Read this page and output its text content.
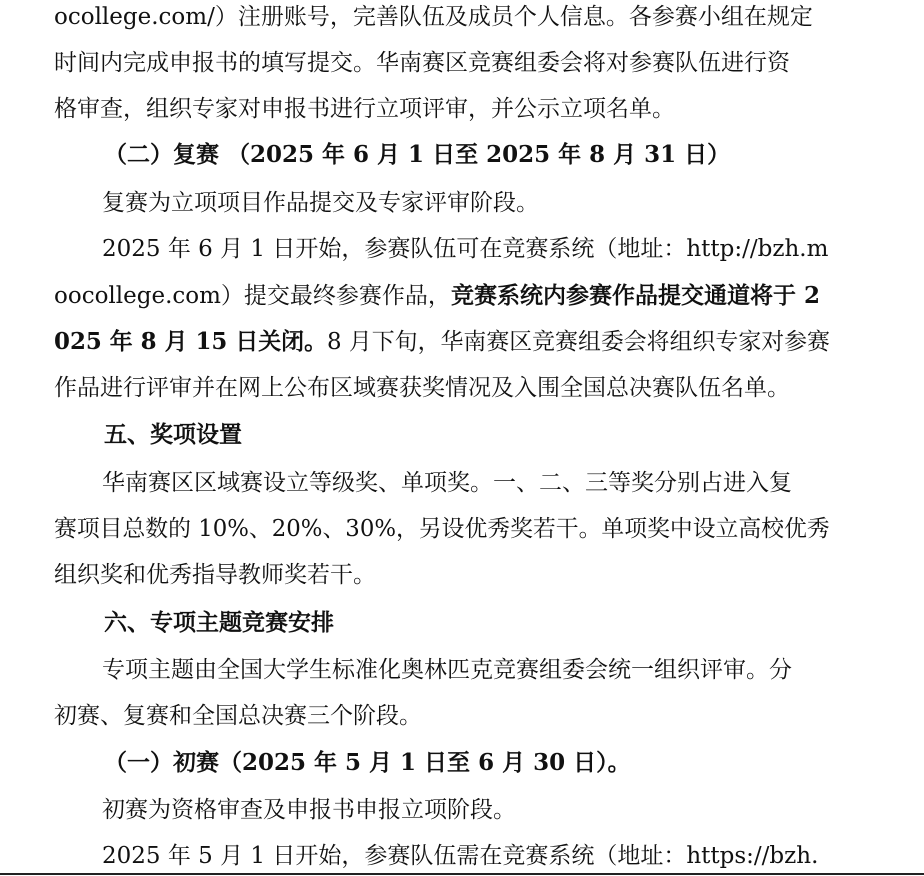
ocollege.com/）注册账号，完善队伍及成员个人信息。各参赛小组在规定
时间内完成申报书的填写提交。华南赛区竞赛组委会将对参赛队伍进行资
格审查，组织专家对申报书进行立项评审，并公示立项名单。
（二）复赛 （2025 年 6 月 1 日至 2025 年 8 月 31 日）
复赛为立项项目作品提交及专家评审阶段。
2025 年 6 月 1 日开始，参赛队伍可在竞赛系统（地址：http://bzh.m
oocollege.com）提交最终参赛作品，竞赛系统内参赛作品提交通道将于 2
025 年 8 月 15 日关闭。8 月下旬，华南赛区竞赛组委会将组织专家对参赛
作品进行评审并在网上公布区域赛获奖情况及入围全国总决赛队伍名单。
五、奖项设置
华南赛区区域赛设立等级奖、单项奖。一、二、三等奖分别占进入复
赛项目总数的 10%、20%、30%，另设优秀奖若干。单项奖中设立高校优秀
组织奖和优秀指导教师奖若干。
六、专项主题竞赛安排
专项主题由全国大学生标准化奥林匹克竞赛组委会统一组织评审。分
初赛、复赛和全国总决赛三个阶段。
（一）初赛（2025 年 5 月 1 日至 6 月 30 日）。
初赛为资格审查及申报书申报立项阶段。
2025 年 5 月 1 日开始，参赛队伍需在竞赛系统（地址：https://bzh.
